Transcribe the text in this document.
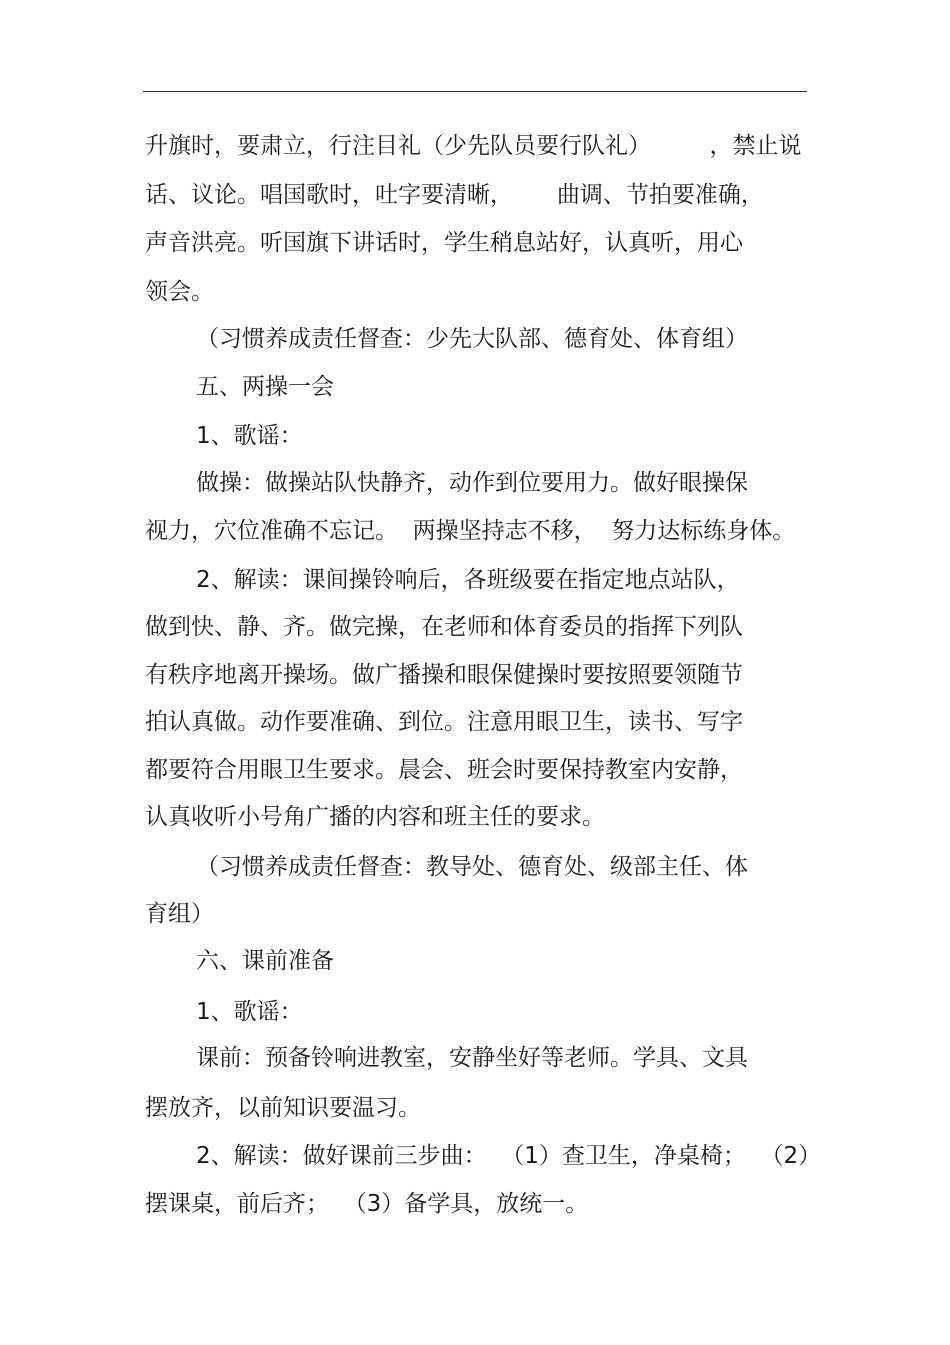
升旗时，要肃立，行注目礼（少先队员要行队礼）        ，禁止说

话、议论。唱国歌时，吐字要清晰，      曲调、节拍要准确，

声音洪亮。听国旗下讲话时，学生稍息站好，认真听，用心

领会。

（习惯养成责任督查：少先大队部、德育处、体育组）

五、两操一会

1、歌谣：

做操：做操站队快静齐，动作到位要用力。做好眼操保

视力，穴位准确不忘记。  两操坚持志不移，  努力达标练身体。

2、解读：课间操铃响后，各班级要在指定地点站队，

做到快、静、齐。做完操，在老师和体育委员的指挥下列队

有秩序地离开操场。做广播操和眼保健操时要按照要领随节

拍认真做。动作要准确、到位。注意用眼卫生，读书、写字

都要符合用眼卫生要求。晨会、班会时要保持教室内安静，

认真收听小号角广播的内容和班主任的要求。

（习惯养成责任督查：教导处、德育处、级部主任、体

育组）

六、课前准备

1、歌谣：

课前：预备铃响进教室，安静坐好等老师。学具、文具

摆放齐，以前知识要温习。

2、解读：做好课前三步曲：  （1）查卫生，净桌椅；  （2）

摆课桌，前后齐；  （3）备学具，放统一。
